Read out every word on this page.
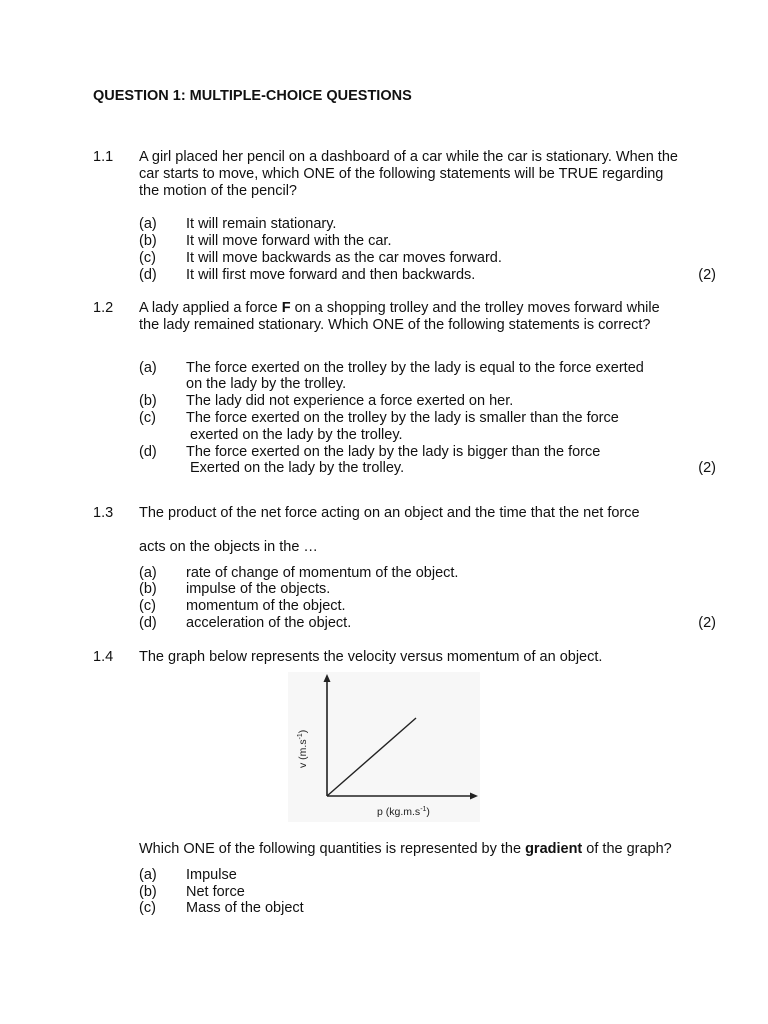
QUESTION 1: MULTIPLE-CHOICE QUESTIONS
1.1 A girl placed her pencil on a dashboard of a car while the car is stationary. When the car starts to move, which ONE of the following statements will be TRUE regarding the motion of the pencil?
(a) It will remain stationary.
(b) It will move forward with the car.
(c) It will move backwards as the car moves forward.
(d) It will first move forward and then backwards.	(2)
1.2 A lady applied a force F on a shopping trolley and the trolley moves forward while the lady remained stationary. Which ONE of the following statements is correct?
(a) The force exerted on the trolley by the lady is equal to the force exerted
on the lady by the trolley.
(b) The lady did not experience a force exerted on her.
(c) The force exerted on the trolley by the lady is smaller than the force
exerted on the lady by the trolley.
(d) The force exerted on the lady by the lady is bigger than the force
Exerted on the lady by the trolley.	(2)
1.3 The product of the net force acting on an object and the time that the net force
acts on the objects in the …
(a) rate of change of momentum of the object.
(b) impulse of the objects.
(c) momentum of the object.
(d) acceleration of the object.	(2)
1.4 The graph below represents the velocity versus momentum of an object.
p $(kg.m.s^{-1})$
v $(m.s^{-1})$
Which ONE of the following quantities is represented by the gradient of the graph?
(a) Impulse
(b) Net force
(c) Mass of the object
